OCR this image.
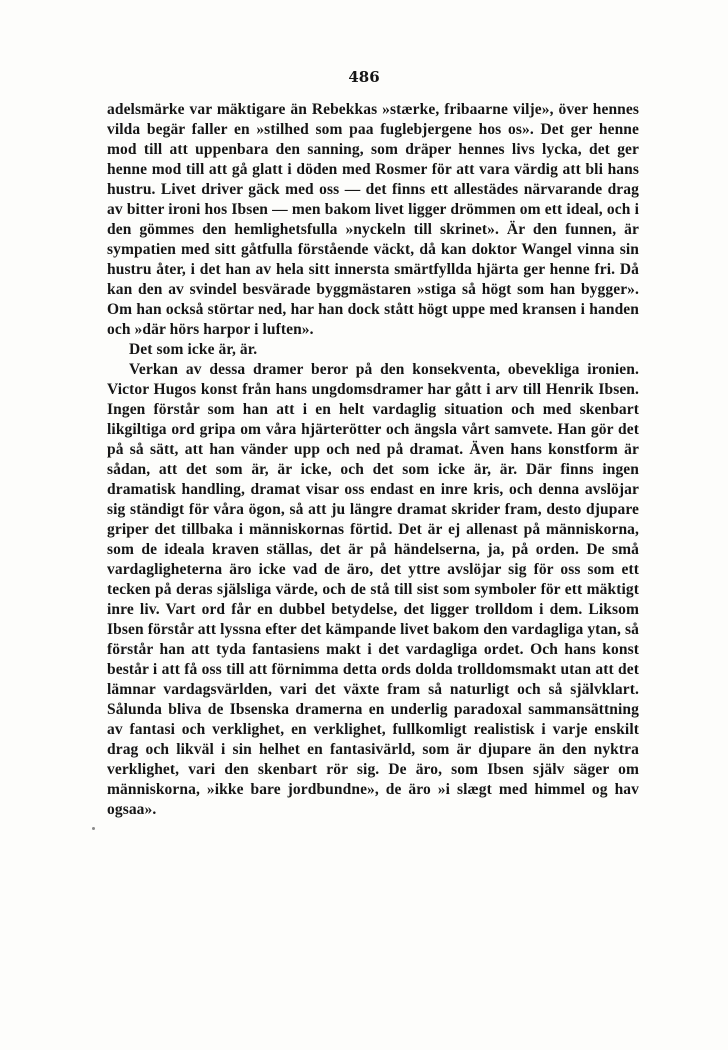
486

adelsmärke var mäktigare än Rebekkas »stærke, fribaarne vilje», över hennes vilda begär faller en »stilhed som paa fuglebjergene hos os». Det ger henne mod till att uppenbara den sanning, som dräper hennes livs lycka, det ger henne mod till att gå glatt i döden med Rosmer för att vara värdig att bli hans hustru. Livet driver gäck med oss — det finns ett allestädes närvarande drag av bitter ironi hos Ibsen — men bakom livet ligger drömmen om ett ideal, och i den gömmes den hemlighetsfulla »nyckeln till skrinet». Är den funnen, är sympatien med sitt gåtfulla förstående väckt, då kan doktor Wangel vinna sin hustru åter, i det han av hela sitt innersta smärtfyllda hjärta ger henne fri. Då kan den av svindel besvärade byggmästaren »stiga så högt som han bygger». Om han också störtar ned, har han dock stått högt uppe med kransen i handen och »där hörs harpor i luften».

Det som icke är, är.

Verkan av dessa dramer beror på den konsekventa, obevekliga ironien. Victor Hugos konst från hans ungdomsdramer har gått i arv till Henrik Ibsen. Ingen förstår som han att i en helt vardaglig situation och med skenbart likgiltiga ord gripa om våra hjärterötter och ängsla vårt samvete. Han gör det på så sätt, att han vänder upp och ned på dramat. Även hans konstform är sådan, att det som är, är icke, och det som icke är, är. Där finns ingen dramatisk handling, dramat visar oss endast en inre kris, och denna avslöjar sig ständigt för våra ögon, så att ju längre dramat skrider fram, desto djupare griper det tillbaka i människornas förtid. Det är ej allenast på människorna, som de ideala kraven ställas, det är på händelserna, ja, på orden. De små vardagligheterna äro icke vad de äro, det yttre avslöjar sig för oss som ett tecken på deras själsliga värde, och de stå till sist som symboler för ett mäktigt inre liv. Vart ord får en dubbel betydelse, det ligger trolldom i dem. Liksom Ibsen förstår att lyssna efter det kämpande livet bakom den vardagliga ytan, så förstår han att tyda fantasiens makt i det vardagliga ordet. Och hans konst består i att få oss till att förnimma detta ords dolda trolldomsmakt utan att det lämnar vardagsvärlden, vari det växte fram så naturligt och så självklart. Sålunda bliva de Ibsenska dramerna en underlig paradoxal sammansättning av fantasi och verklighet, en verklighet, fullkomligt realistisk i varje enskilt drag och likväl i sin helhet en fantasivärld, som är djupare än den nyktra verklighet, vari den skenbart rör sig. De äro, som Ibsen själv säger om människorna, »ikke bare jordbundne», de äro »i slægt med himmel og hav ogsaa».
